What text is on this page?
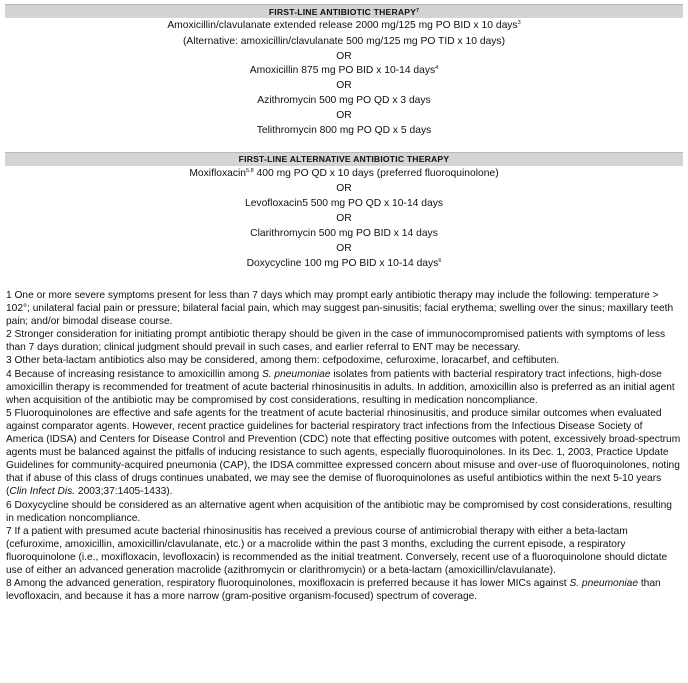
FIRST-LINE ANTIBIOTIC THERAPY$^7$
Amoxicillin/clavulanate extended release 2000 mg/125 mg PO BID x 10 days$^3$
(Alternative: amoxicillin/clavulanate 500 mg/125 mg PO TID x 10 days)
OR
Amoxicillin 875 mg PO BID x 10-14 days$^4$
OR
Azithromycin 500 mg PO QD x 3 days
OR
Telithromycin 800 mg PO QD x 5 days
FIRST-LINE ALTERNATIVE ANTIBIOTIC THERAPY
Moxifloxacin$^{5,8}$ 400 mg PO QD x 10 days (preferred fluoroquinolone)
OR
Levofloxacin5 500 mg PO QD x 10-14 days
OR
Clarithromycin 500 mg PO BID x 14 days
OR
Doxycycline 100 mg PO BID x 10-14 days$^6$

1 One or more severe symptoms present for less than 7 days which may prompt early antibiotic therapy may include the following: temperature > 102°; unilateral facial pain or pressure; bilateral facial pain, which may suggest pan-sinusitis; facial erythema; swelling over the sinus; maxillary teeth pain; and/or bimodal disease course.

2 Stronger consideration for initiating prompt antibiotic therapy should be given in the case of immunocompromised patients with symptoms of less than 7 days duration; clinical judgment should prevail in such cases, and earlier referral to ENT may be necessary.

3 Other beta-lactam antibiotics also may be considered, among them: cefpodoxime, cefuroxime, loracarbef, and ceftibuten.

4 Because of increasing resistance to amoxicillin among S. pneumoniae isolates from patients with bacterial respiratory tract infections, high-dose amoxicillin therapy is recommended for treatment of acute bacterial rhinosinusitis in adults. In addition, amoxicillin also is preferred as an initial agent when acquisition of the antibiotic may be compromised by cost considerations, resulting in medication noncompliance.

5 Fluoroquinolones are effective and safe agents for the treatment of acute bacterial rhinosinusitis, and produce similar outcomes when evaluated against comparator agents. However, recent practice guidelines for bacterial respiratory tract infections from the Infectious Disease Society of America (IDSA) and Centers for Disease Control and Prevention (CDC) note that effecting positive outcomes with potent, excessively broad-spectrum agents must be balanced against the pitfalls of inducing resistance to such agents, especially fluoroquinolones. In its Dec. 1, 2003, Practice Update Guidelines for community-acquired pneumonia (CAP), the IDSA committee expressed concern about misuse and over-use of fluoroquinolones, noting that if abuse of this class of drugs continues unabated, we may see the demise of fluoroquinolones as useful antibiotics within the next 5-10 years (Clin Infect Dis. 2003;37:1405-1433).

6 Doxycycline should be considered as an alternative agent when acquisition of the antibiotic may be compromised by cost considerations, resulting in medication noncompliance.

7 If a patient with presumed acute bacterial rhinosinusitis has received a previous course of antimicrobial therapy with either a beta-lactam (cefuroxime, amoxicillin, amoxicillin/clavulanate, etc.) or a macrolide within the past 3 months, excluding the current episode, a respiratory fluoroquinolone (i.e., moxifloxacin, levofloxacin) is recommended as the initial treatment. Conversely, recent use of a fluoroquinolone should dictate use of either an advanced generation macrolide (azithromycin or clarithromycin) or a beta-lactam (amoxicillin/clavulanate).

8 Among the advanced generation, respiratory fluoroquinolones, moxifloxacin is preferred because it has lower MICs against S. pneumoniae than levofloxacin, and because it has a more narrow (gram-positive organism-focused) spectrum of coverage.
